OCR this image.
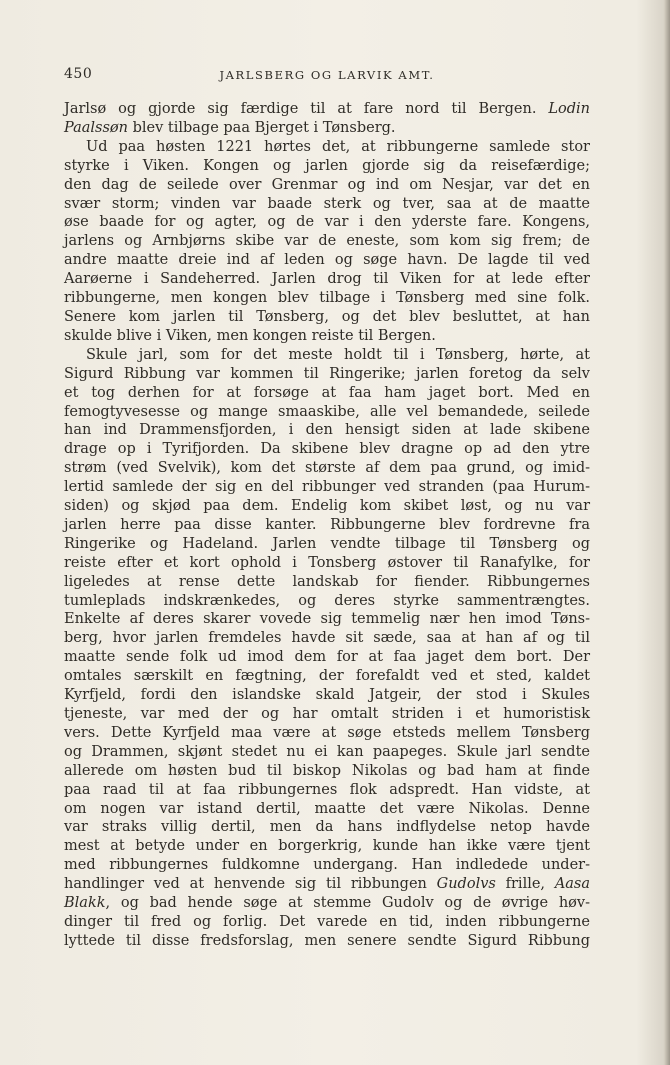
450	JARLSBERG OG LARVIK AMT.
Jarlsø og gjorde sig færdige til at fare nord til Bergen. Lodin
Paalssøn blev tilbage paa Bjerget i Tønsberg.
Ud paa høsten 1221 hørtes det, at ribbungerne samlede stor
styrke i Viken. Kongen og jarlen gjorde sig da reisefærdige;
den dag de seilede over Grenmar og ind om Nesjar, var det en
svær storm; vinden var baade sterk og tver, saa at de maatte
øse baade for og agter, og de var i den yderste fare. Kongens,
jarlens og Arnbjørns skibe var de eneste, som kom sig frem; de
andre maatte dreie ind af leden og søge havn. De lagde til ved
Aarøerne i Sandeherred. Jarlen drog til Viken for at lede efter
ribbungerne, men kongen blev tilbage i Tønsberg med sine folk.
Senere kom jarlen til Tønsberg, og det blev besluttet, at han
skulde blive i Viken, men kongen reiste til Bergen.
Skule jarl, som for det meste holdt til i Tønsberg, hørte, at
Sigurd Ribbung var kommen til Ringerike; jarlen foretog da selv
et tog derhen for at forsøge at faa ham jaget bort. Med en
femogtyvesesse og mange smaaskibe, alle vel bemandede, seilede
han ind Drammensfjorden, i den hensigt siden at lade skibene
drage op i Tyrifjorden. Da skibene blev dragne op ad den ytre
strøm (ved Svelvik), kom det største af dem paa grund, og imid-
lertid samlede der sig en del ribbunger ved stranden (paa Hurum-
siden) og skjød paa dem. Endelig kom skibet løst, og nu var
jarlen herre paa disse kanter. Ribbungerne blev fordrevne fra
Ringerike og Hadeland. Jarlen vendte tilbage til Tønsberg og
reiste efter et kort ophold i Tonsberg østover til Ranafylke, for
ligeledes at rense dette landskab for fiender. Ribbungernes
tumleplads indskrænkedes, og deres styrke sammentrængtes.
Enkelte af deres skarer vovede sig temmelig nær hen imod Tøns-
berg, hvor jarlen fremdeles havde sit sæde, saa at han af og til
maatte sende folk ud imod dem for at faa jaget dem bort. Der
omtales særskilt en fægtning, der forefaldt ved et sted, kaldet
Kyrfjeld, fordi den islandske skald Jatgeir, der stod i Skules
tjeneste, var med der og har omtalt striden i et humoristisk
vers. Dette Kyrfjeld maa være at søge etsteds mellem Tønsberg
og Drammen, skjønt stedet nu ei kan paapeges. Skule jarl sendte
allerede om høsten bud til biskop Nikolas og bad ham at finde
paa raad til at faa ribbungernes flok adspredt. Han vidste, at
om nogen var istand dertil, maatte det være Nikolas. Denne
var straks villig dertil, men da hans indflydelse netop havde
mest at betyde under en borgerkrig, kunde han ikke være tjent
med ribbungernes fuldkomne undergang. Han indledede under-
handlinger ved at henvende sig til ribbungen Gudolvs frille, Aasa
Blakk, og bad hende søge at stemme Gudolv og de øvrige høv-
dinger til fred og forlig. Det varede en tid, inden ribbungerne
lyttede til disse fredsforslag, men senere sendte Sigurd Ribbung
